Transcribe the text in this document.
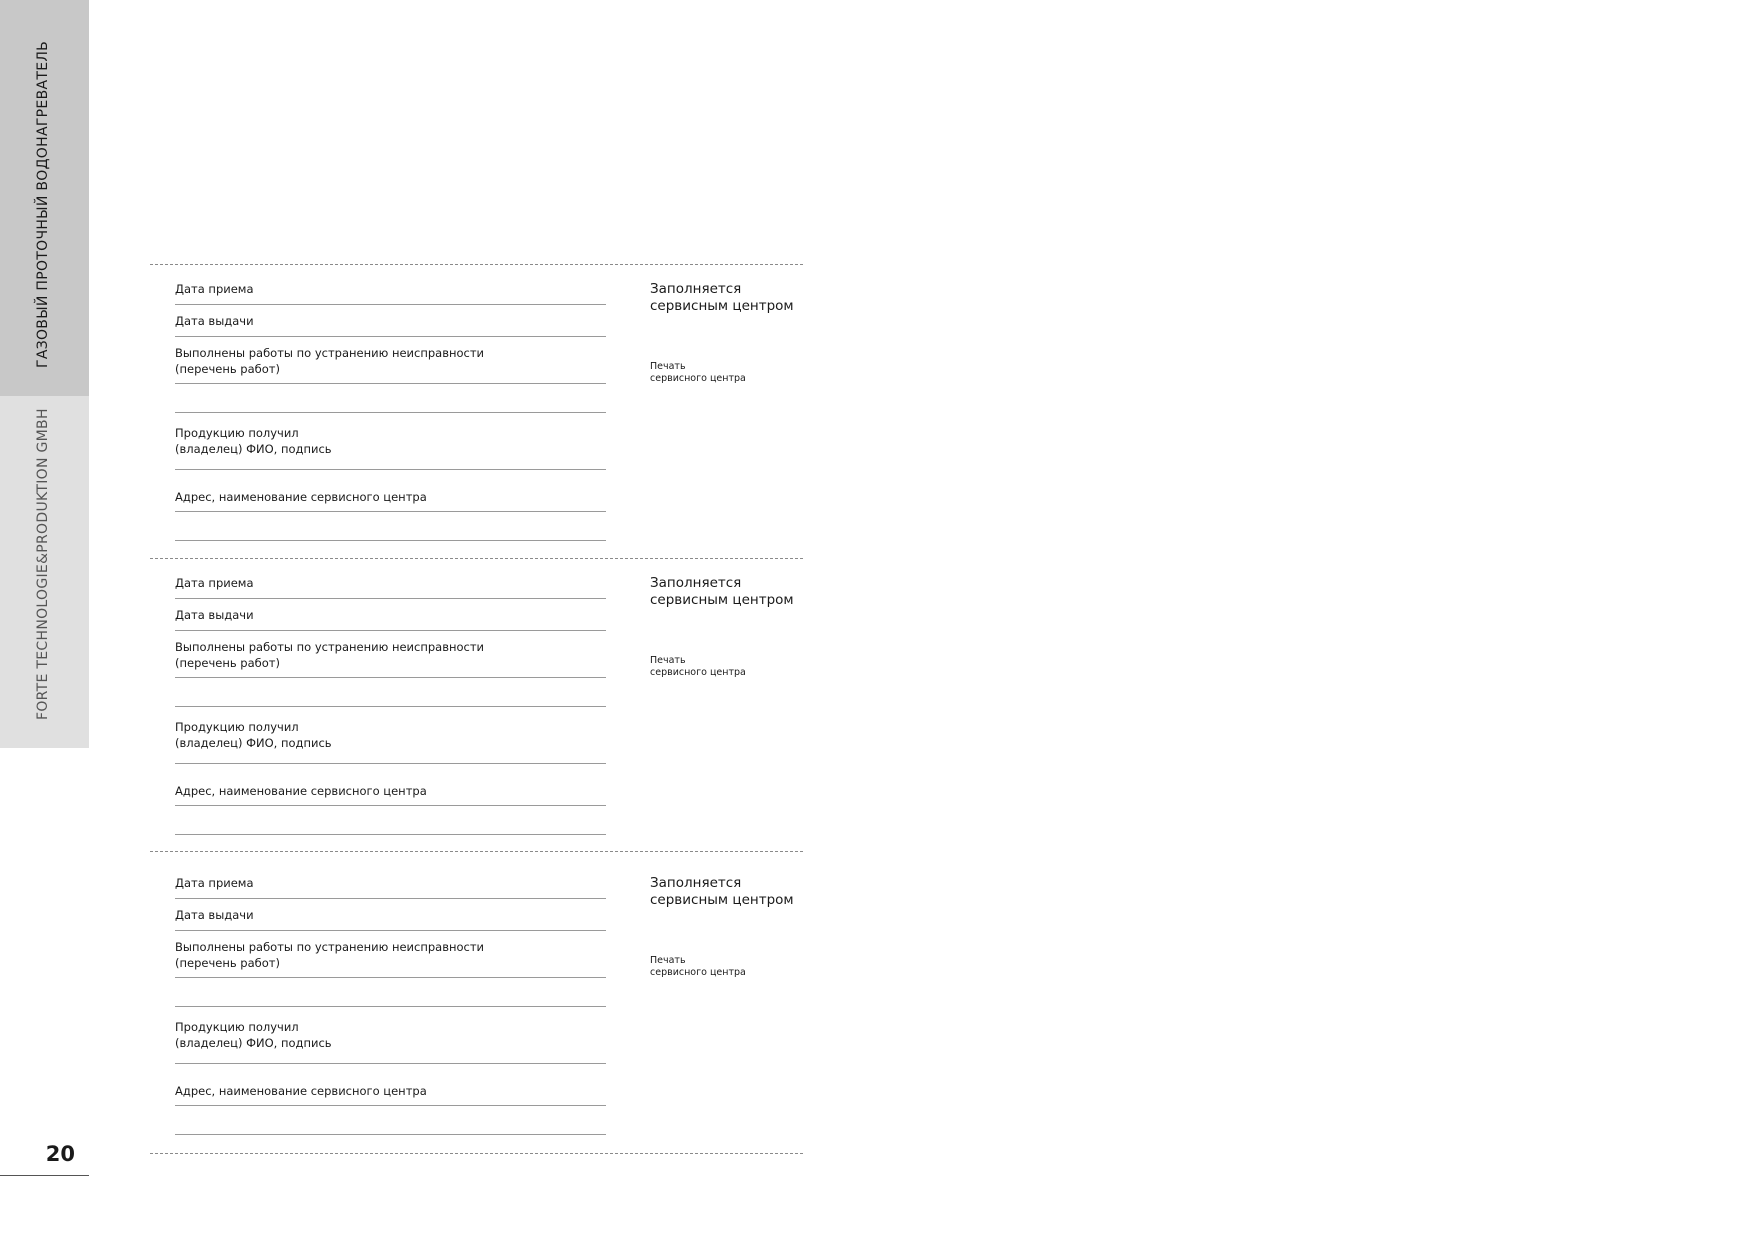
ГАЗОВЫЙ ПРОТОЧНЫЙ ВОДОНАГРЕВАТЕЛЬ
FORTE TECHNOLOGIE&PRODUKTION GMBH
20
Дата приема
Дата выдачи
Выполнены работы по устранению неисправности
(перечень работ)
Продукцию получил
(владелец) ФИО, подпись
Адрес, наименование сервисного центра
Заполняется
сервисным центром
Печать
сервисного центра
Дата приема
Дата выдачи
Выполнены работы по устранению неисправности
(перечень работ)
Продукцию получил
(владелец) ФИО, подпись
Адрес, наименование сервисного центра
Заполняется
сервисным центром
Печать
сервисного центра
Дата приема
Дата выдачи
Выполнены работы по устранению неисправности
(перечень работ)
Продукцию получил
(владелец) ФИО, подпись
Адрес, наименование сервисного центра
Заполняется
сервисным центром
Печать
сервисного центра
